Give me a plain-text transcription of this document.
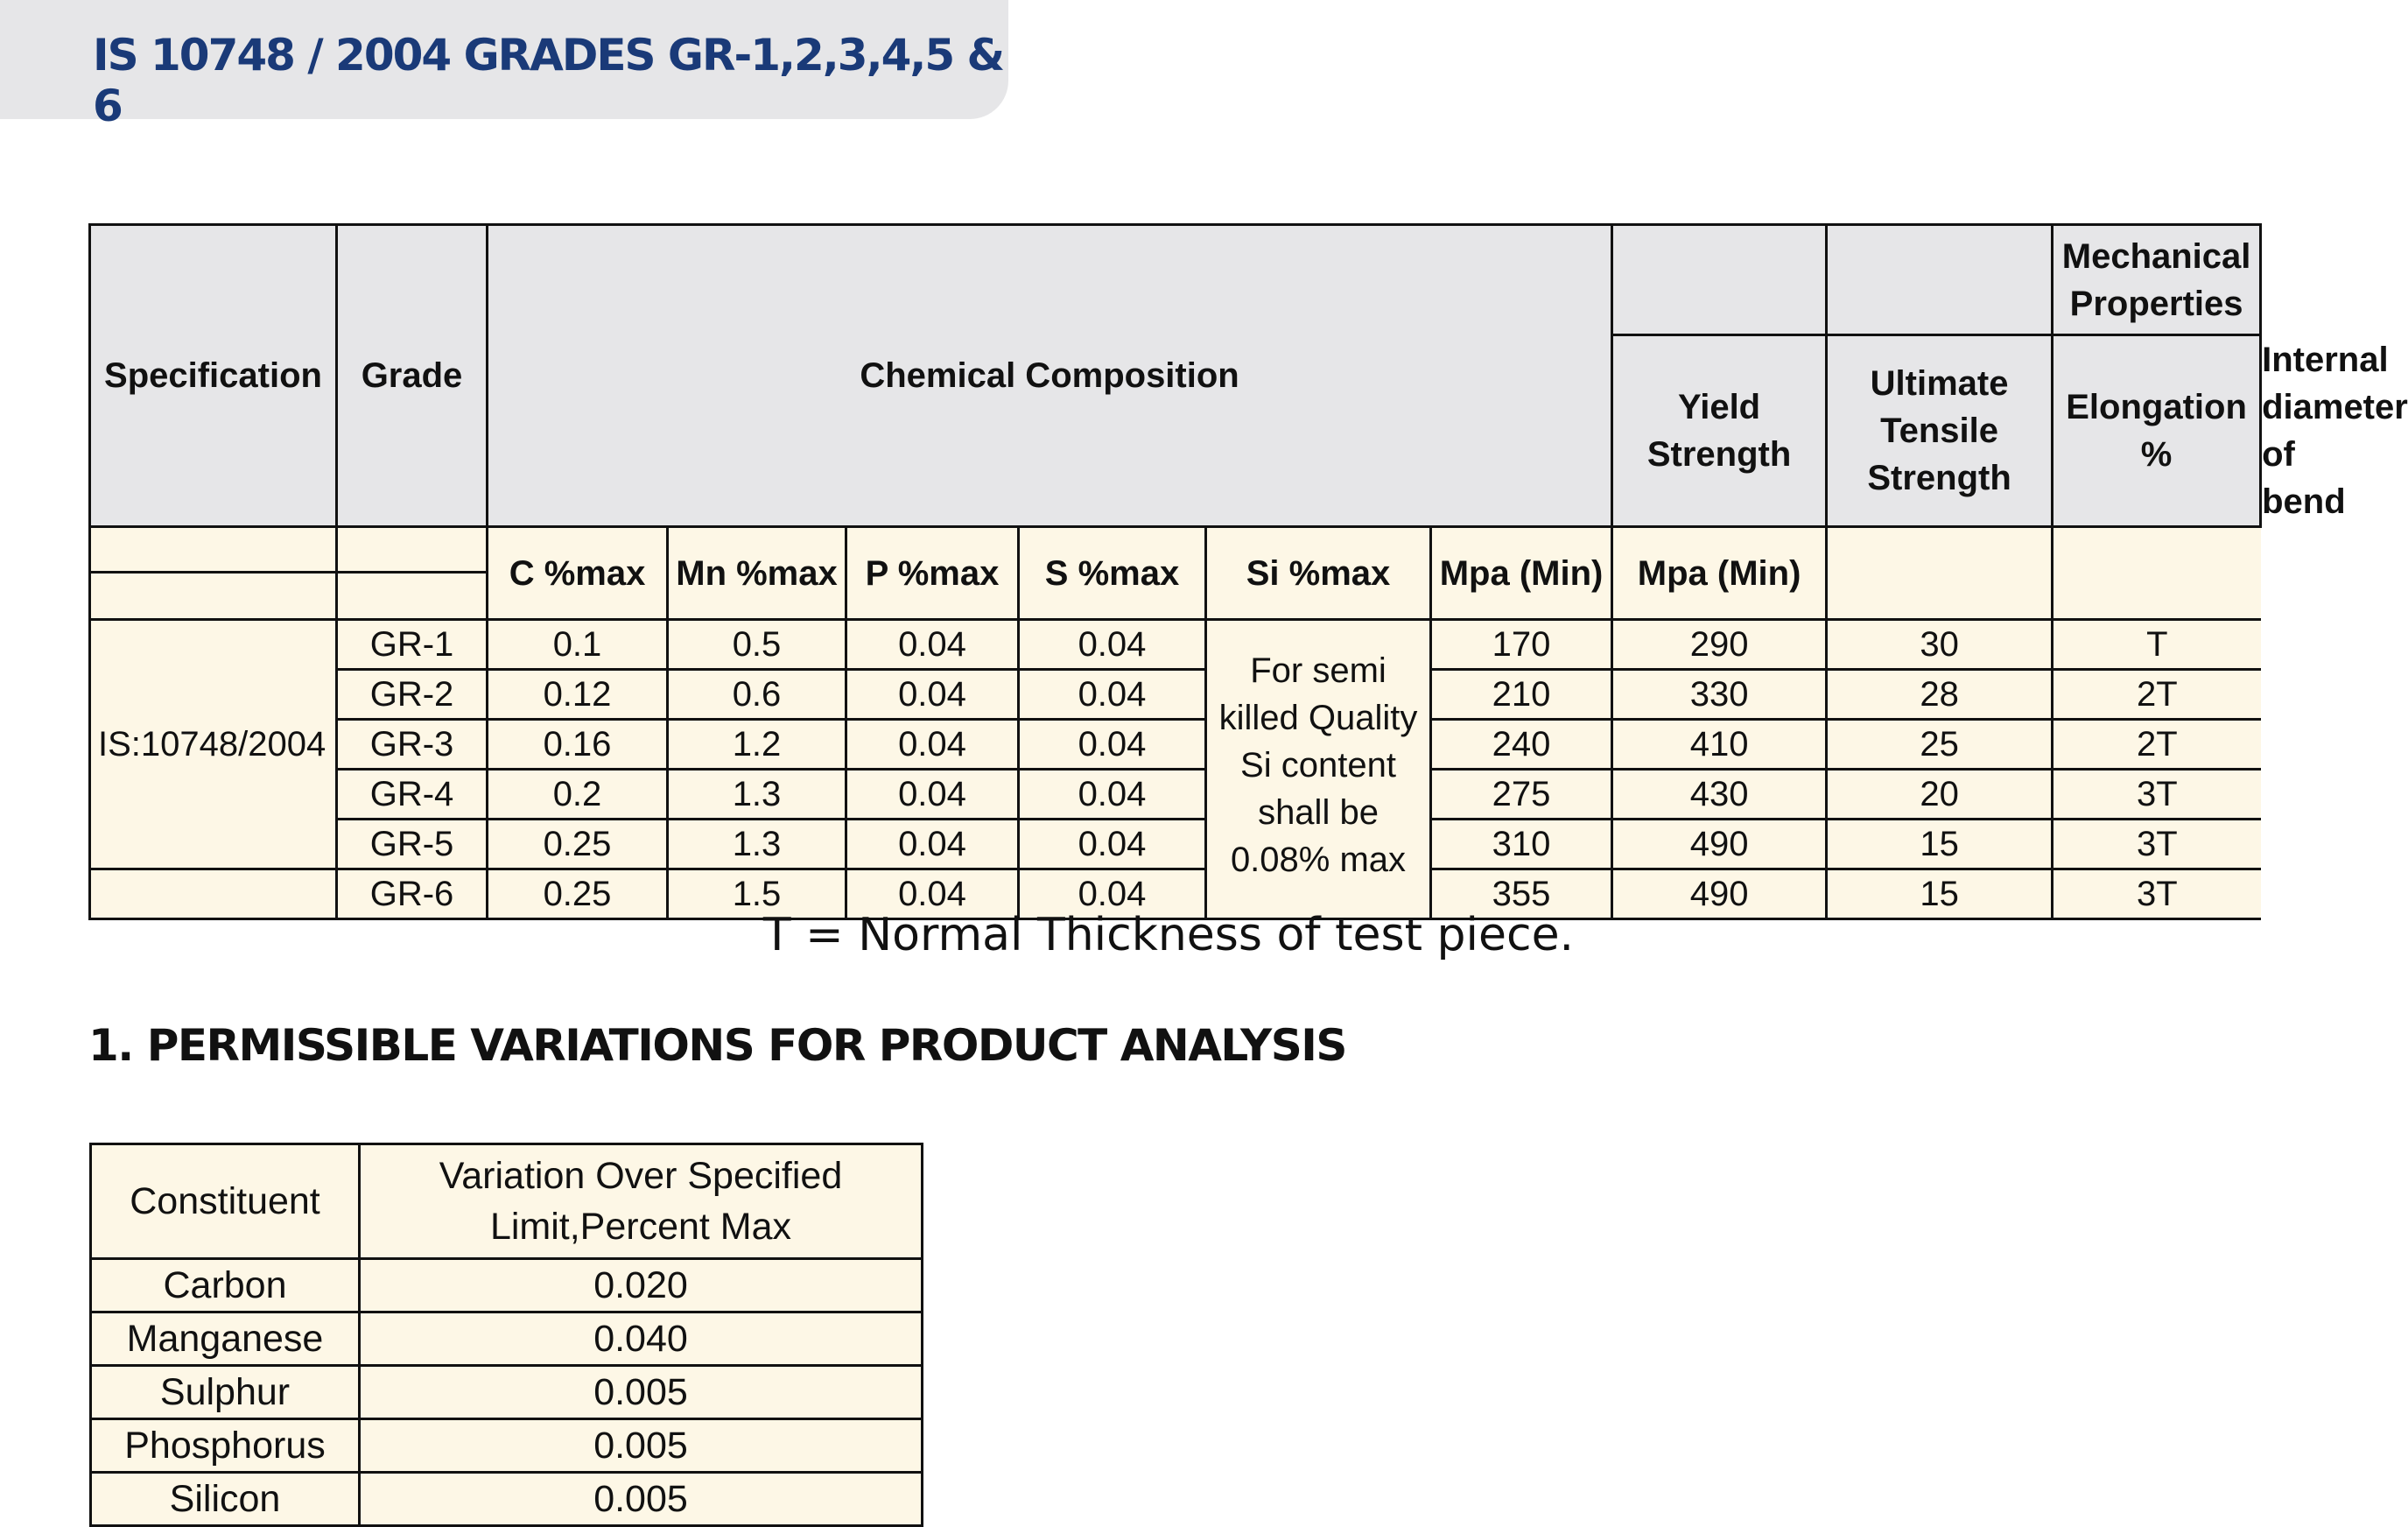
IS 10748 / 2004 GRADES GR-1,2,3,4,5 & 6
Specification	Grade	Chemical Composition								Mechanical Properties	
								Yield Strength	Ultimate Tensile Strength	Elongation %	Internal diameter of bend
		C %max	Mn %max	P %max	S %max	Si %max	Mpa (Min)	Mpa (Min)			

IS:10748/2004	GR-1	0.1	0.5	0.04	0.04	For semi killed Quality Si content shall be 0.08% max	170	290	30	T	
	GR-2	0.12	0.6	0.04	0.04		210	330	28	2T	
	GR-3	0.16	1.2	0.04	0.04		240	410	25	2T	
	GR-4	0.2	1.3	0.04	0.04		275	430	20	3T	
	GR-5	0.25	1.3	0.04	0.04		310	490	15	3T	
	GR-6	0.25	1.5	0.04	0.04		355	490	15	3T	

T = Normal Thickness of test piece.

1. PERMISSIBLE VARIATIONS FOR PRODUCT ANALYSIS
Constituent	Variation Over Specified Limit,Percent Max
Carbon	0.020
Manganese	0.040
Sulphur	0.005
Phosphorus	0.005
Silicon	0.005
